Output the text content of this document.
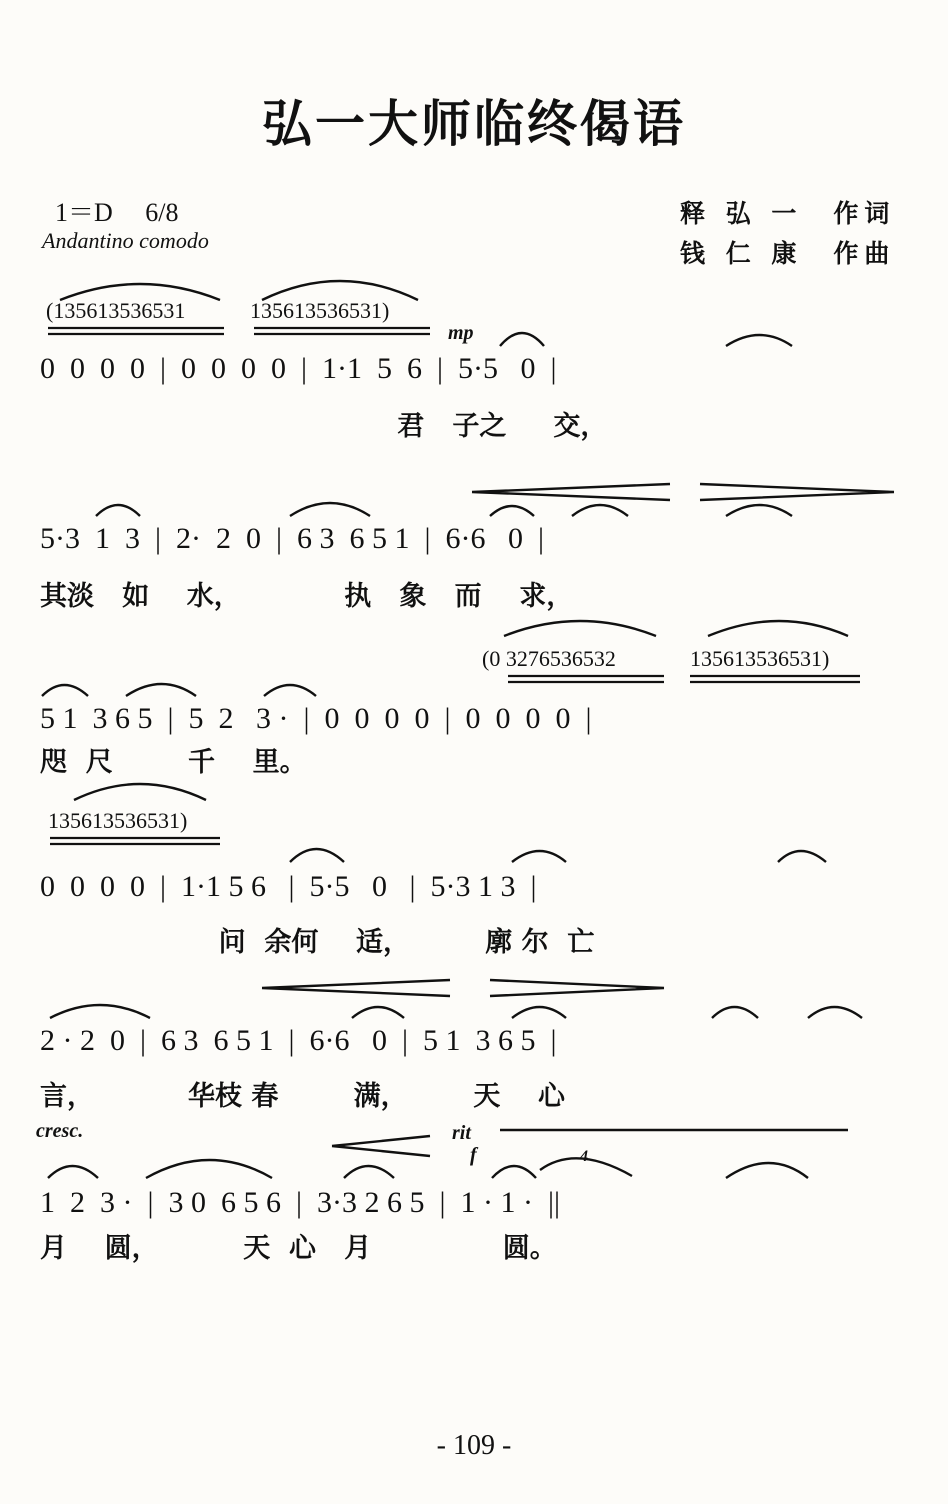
弘一大师临终偈语
1＝D　 6/8
Andantino comodo
释 弘 一　作词
钱 仁 康　作曲
(135613536531	135613536531)
mp
0  0  0  0  |  0  0  0  0  |  1·1  5  6  |  5·5   0  |
君   子之     交，
5·3  1  3  |  2·  2  0  |  6 3  6 5 1  |  6·6   0  |
其淡   如    水，           执   象   而    求，
(0 3276536532	135613536531)
5 1  3 6 5  |  5  2   3 ·  |  0  0  0  0  |  0  0  0  0  |
咫  尺        千    里。
135613536531)
0  0  0  0  |  1·1 5 6   |  5·5   0   |  5·3 1 3  |
问  余何    适，        廓 尔  亡
2 · 2  0  |  6 3  6 5 1  |  6·6   0  |  5 1  3 6 5  |
言，          华枝 春        满，       天    心
cresc.	rit
f	4
1  2  3 ·  |  3 0  6 5 6  |  3·3 2 6 5  |  1 · 1 ·  ||
月    圆，         天  心   月              圆。
- 109 -
